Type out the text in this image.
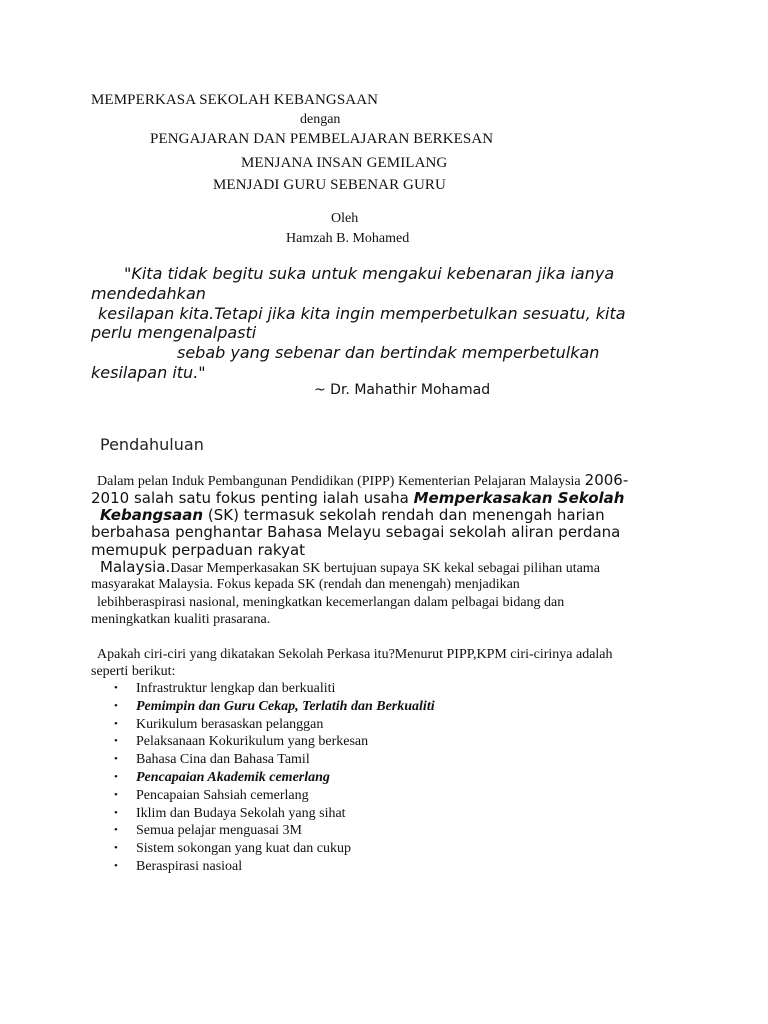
MEMPERKASA SEKOLAH KEBANGSAAN
dengan
PENGAJARAN DAN PEMBELAJARAN BERKESAN
MENJANA INSAN GEMILANG
MENJADI GURU SEBENAR GURU
Oleh
Hamzah B. Mohamed
"Kita tidak begitu suka untuk mengakui kebenaran jika ianya
mendedahkan
kesilapan kita.Tetapi jika kita ingin memperbetulkan sesuatu, kita
perlu mengenalpasti
sebab yang sebenar dan bertindak memperbetulkan
kesilapan itu."
~ Dr. Mahathir Mohamad
Pendahuluan
Dalam pelan Induk Pembangunan Pendidikan (PIPP) Kementerian Pelajaran Malaysia 2006-
2010 salah satu fokus penting ialah usaha Memperkasakan Sekolah
Kebangsaan (SK) termasuk sekolah rendah dan menengah harian
berbahasa penghantar Bahasa Melayu sebagai sekolah aliran perdana
memupuk perpaduan rakyat
Malaysia.Dasar Memperkasakan SK bertujuan supaya SK kekal sebagai pilihan utama
masyarakat Malaysia. Fokus kepada SK (rendah dan menengah) menjadikan
lebihberaspirasi nasional, meningkatkan kecemerlangan dalam pelbagai bidang dan
meningkatkan kualiti prasarana.
Apakah ciri-ciri yang dikatakan Sekolah Perkasa itu?Menurut PIPP,KPM ciri-cirinya adalah
seperti berikut:
• Infrastruktur lengkap dan berkualiti
• Pemimpin dan Guru Cekap, Terlatih dan Berkualiti
• Kurikulum berasaskan pelanggan
• Pelaksanaan Kokurikulum yang berkesan
• Bahasa Cina dan Bahasa Tamil
• Pencapaian Akademik cemerlang
• Pencapaian Sahsiah cemerlang
• Iklim dan Budaya Sekolah yang sihat
• Semua pelajar menguasai 3M
• Sistem sokongan yang kuat dan cukup
• Beraspirasi nasioal
